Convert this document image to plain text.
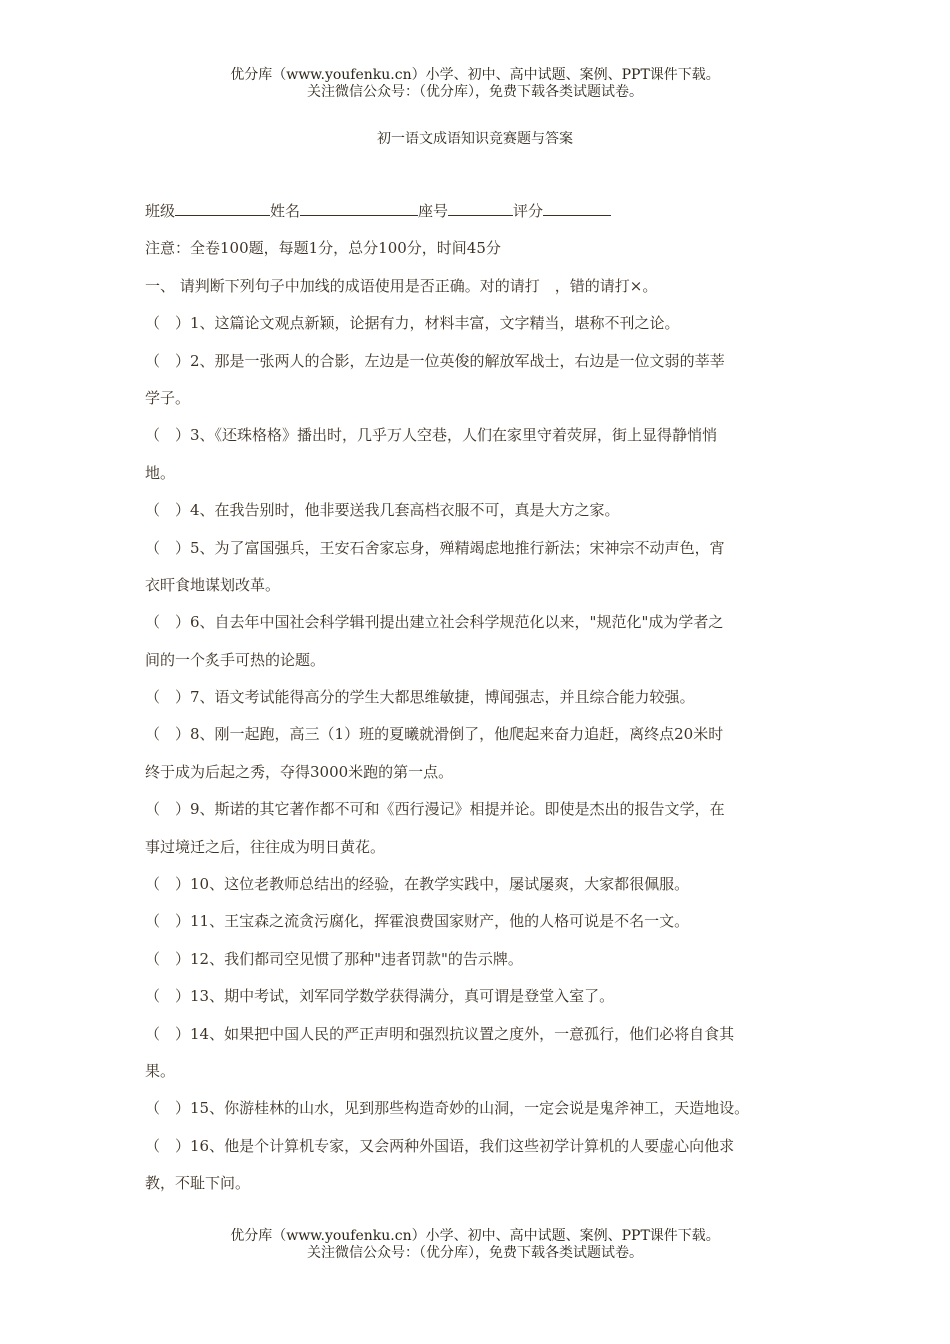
优分库（www.youfenku.cn）小学、初中、高中试题、案例、PPT课件下载。
关注微信公众号：（优分库），免费下载各类试题试卷。
初一语文成语知识竞赛题与答案
班级	姓名	座号	评分
注意：全卷100题，每题1分，总分100分，时间45分
一、 请判断下列句子中加线的成语使用是否正确。对的请打　，错的请打×。
（　）1、这篇论文观点新颖，论据有力，材料丰富，文字精当，堪称不刊之论。
（　）2、那是一张两人的合影，左边是一位英俊的解放军战士，右边是一位文弱的莘莘
学子。
（　）3、《还珠格格》播出时，几乎万人空巷，人们在家里守着荧屏，街上显得静悄悄
地。
（　）4、在我告别时，他非要送我几套高档衣服不可，真是大方之家。
（　）5、为了富国强兵，王安石舍家忘身，殚精竭虑地推行新法；宋神宗不动声色，宵
衣旰食地谋划改革。
（　）6、自去年中国社会科学辑刊提出建立社会科学规范化以来，"规范化"成为学者之
间的一个炙手可热的论题。
（　）7、语文考试能得高分的学生大都思维敏捷，博闻强志，并且综合能力较强。
（　）8、刚一起跑，高三（1）班的夏曦就滑倒了，他爬起来奋力追赶，离终点20米时
终于成为后起之秀，夺得3000米跑的第一点。
（　）9、斯诺的其它著作都不可和《西行漫记》相提并论。即使是杰出的报告文学，在
事过境迁之后，往往成为明日黄花。
（　）10、这位老教师总结出的经验，在教学实践中，屡试屡爽，大家都很佩服。
（　）11、王宝森之流贪污腐化，挥霍浪费国家财产，他的人格可说是不名一文。
（　）12、我们都司空见惯了那种"违者罚款"的告示牌。
（　）13、期中考试，刘军同学数学获得满分，真可谓是登堂入室了。
（　）14、如果把中国人民的严正声明和强烈抗议置之度外，一意孤行，他们必将自食其
果。
（　）15、你游桂林的山水，见到那些构造奇妙的山洞，一定会说是鬼斧神工，天造地设。
（　）16、他是个计算机专家，又会两种外国语，我们这些初学计算机的人要虚心向他求
教，不耻下问。
优分库（www.youfenku.cn）小学、初中、高中试题、案例、PPT课件下载。
关注微信公众号：（优分库），免费下载各类试题试卷。
